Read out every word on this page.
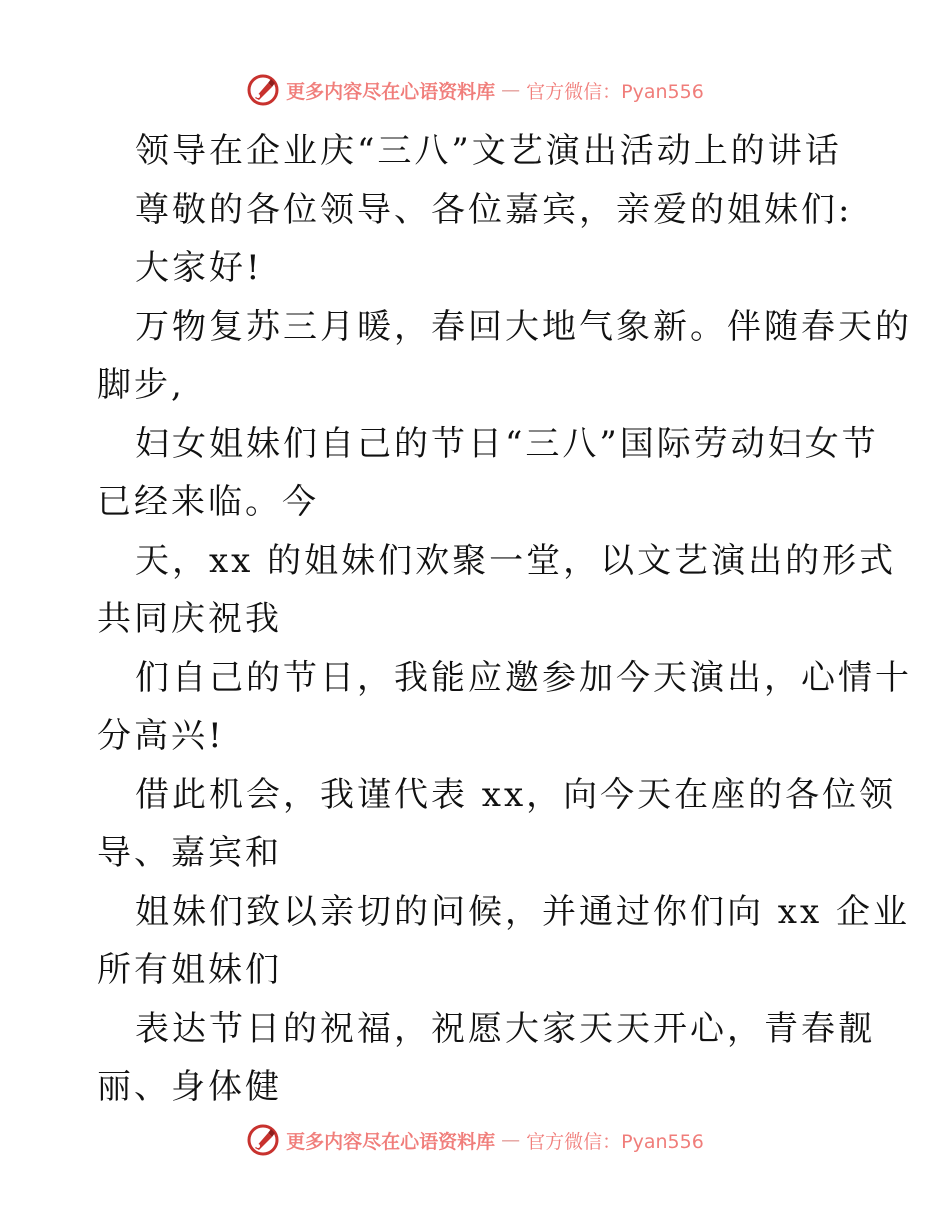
更多内容尽在心语资料库 — 官方微信：Pyan556
领导在企业庆“三八”文艺演出活动上的讲话
尊敬的各位领导、各位嘉宾，亲爱的姐妹们:
大家好!
万物复苏三月暖，春回大地气象新。伴随春天的
脚步,
妇女姐妹们自己的节日“三八”国际劳动妇女节
已经来临。今
天，xx 的姐妹们欢聚一堂，以文艺演出的形式
共同庆祝我
们自己的节日，我能应邀参加今天演出，心情十
分高兴!
借此机会，我谨代表 xx，向今天在座的各位领
导、嘉宾和
姐妹们致以亲切的问候，并通过你们向 xx 企业
所有姐妹们
表达节日的祝福，祝愿大家天天开心，青春靓
丽、身体健
更多内容尽在心语资料库 — 官方微信：Pyan556
